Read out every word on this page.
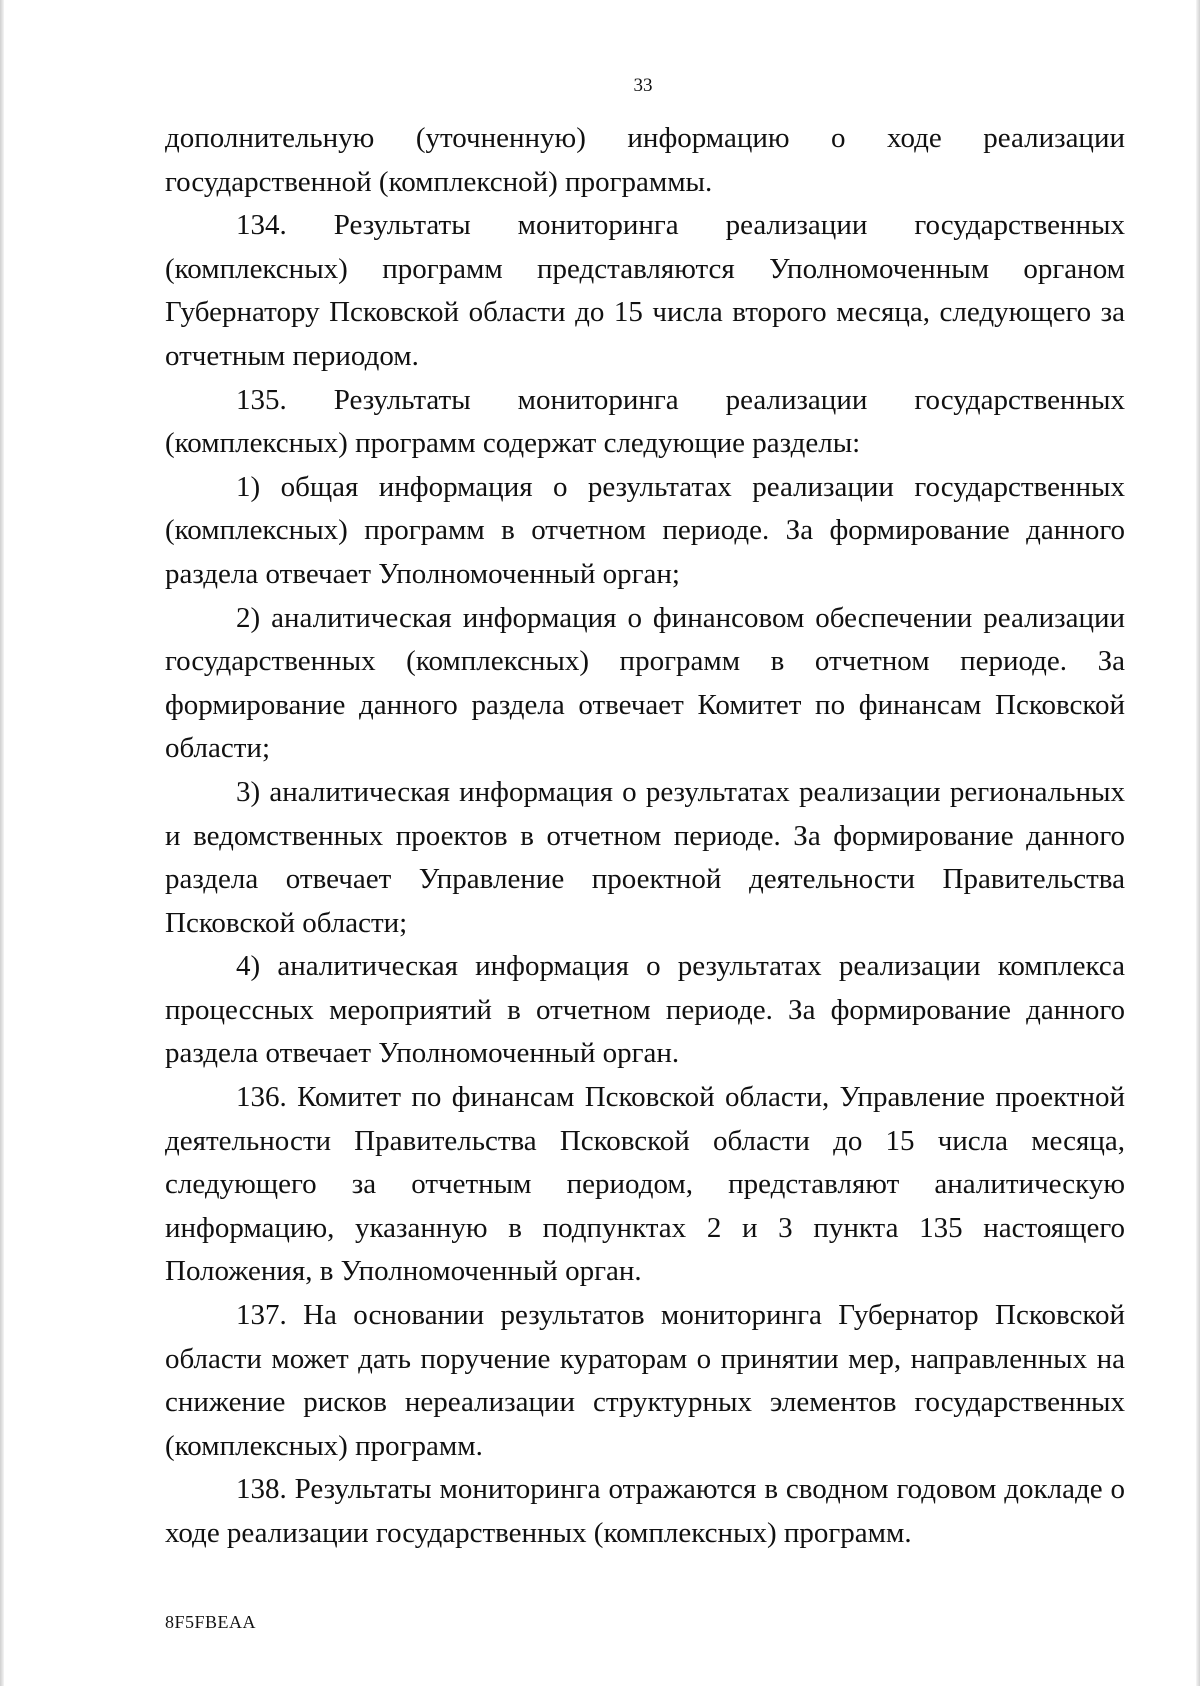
33

дополнительную (уточненную) информацию о ходе реализации государственной (комплексной) программы.

134. Результаты мониторинга реализации государственных (комплексных) программ представляются Уполномоченным органом Губернатору Псковской области до 15 числа второго месяца, следующего за отчетным периодом.

135. Результаты мониторинга реализации государственных (комплексных) программ содержат следующие разделы:

1) общая информация о результатах реализации государственных (комплексных) программ в отчетном периоде. За формирование данного раздела отвечает Уполномоченный орган;

2) аналитическая информация о финансовом обеспечении реализации государственных (комплексных) программ в отчетном периоде. За формирование данного раздела отвечает Комитет по финансам Псковской области;

3) аналитическая информация о результатах реализации региональных и ведомственных проектов в отчетном периоде. За формирование данного раздела отвечает Управление проектной деятельности Правительства Псковской области;

4) аналитическая информация о результатах реализации комплекса процессных мероприятий в отчетном периоде. За формирование данного раздела отвечает Уполномоченный орган.

136. Комитет по финансам Псковской области, Управление проектной деятельности Правительства Псковской области до 15 числа месяца, следующего за отчетным периодом, представляют аналитическую информацию, указанную в подпунктах 2 и 3 пункта 135 настоящего Положения, в Уполномоченный орган.

137. На основании результатов мониторинга Губернатор Псковской области может дать поручение кураторам о принятии мер, направленных на снижение рисков нереализации структурных элементов государственных (комплексных) программ.

138. Результаты мониторинга отражаются в сводном годовом докладе о ходе реализации государственных (комплексных) программ.

8F5FBEAA
